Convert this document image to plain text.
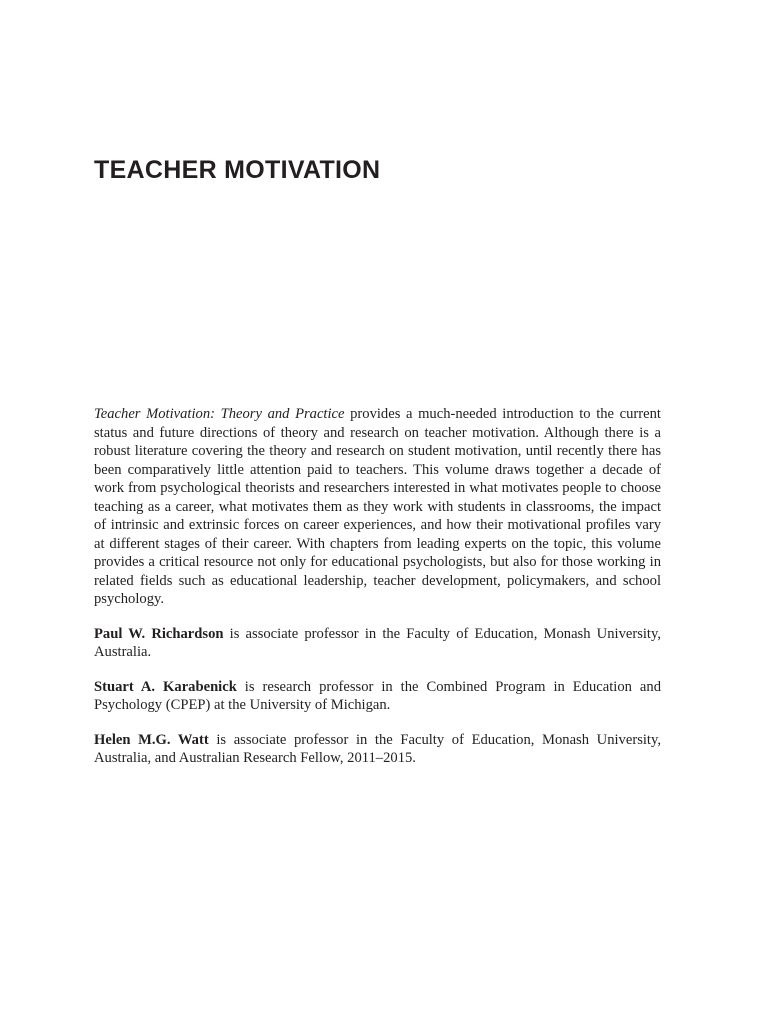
TEACHER MOTIVATION

Teacher Motivation: Theory and Practice provides a much-needed introduction to the current status and future directions of theory and research on teacher motivation. Although there is a robust literature covering the theory and research on student motivation, until recently there has been comparatively little attention paid to teachers. This volume draws together a decade of work from psychological theorists and researchers interested in what motivates people to choose teaching as a career, what motivates them as they work with students in classrooms, the impact of intrinsic and extrinsic forces on career experiences, and how their motivational profiles vary at different stages of their career. With chapters from leading experts on the topic, this volume provides a critical resource not only for educational psychologists, but also for those working in related fields such as educational leadership, teacher development, policymakers, and school psychology.

Paul W. Richardson is associate professor in the Faculty of Education, Monash University, Australia.

Stuart A. Karabenick is research professor in the Combined Program in Education and Psychology (CPEP) at the University of Michigan.

Helen M.G. Watt is associate professor in the Faculty of Education, Monash University, Australia, and Australian Research Fellow, 2011–2015.
